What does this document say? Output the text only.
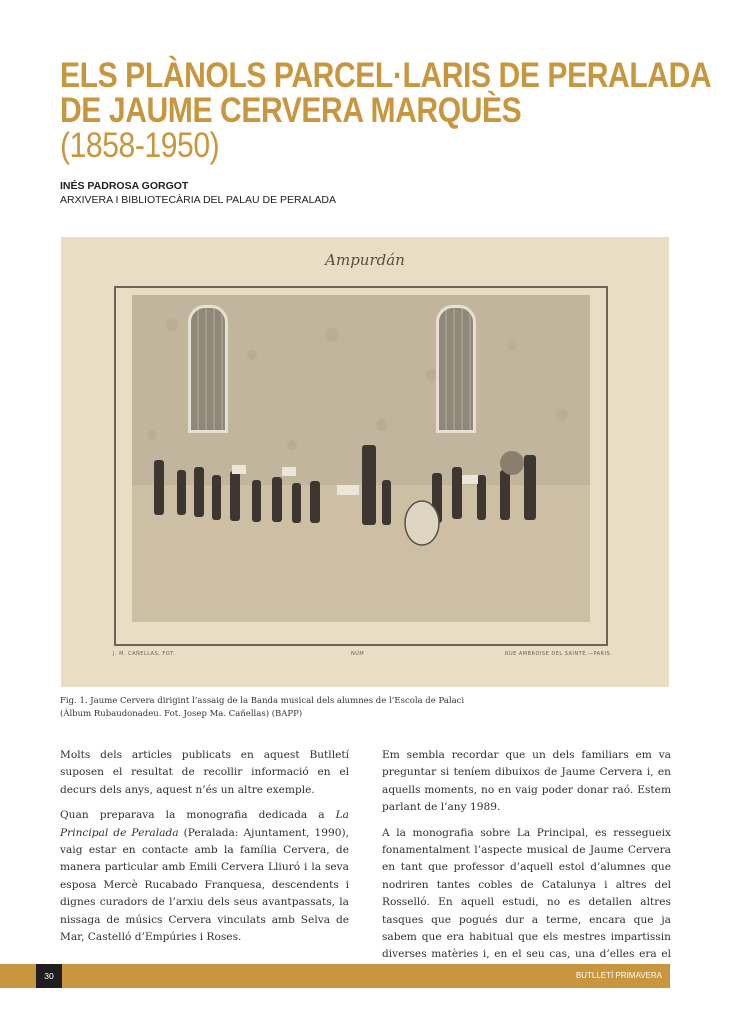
ELS PLÀNOLS PARCEL·LARIS DE PERALADA
DE JAUME CERVERA MARQUÈS
(1858-1950)
INÉS PADROSA GORGOT
ARXIVERA I BIBLIOTECÀRIA DEL PALAU DE PERALADA
Ampurdán
J. M. CAÑELLAS, FOT.	NÚM	RUE AMBROISE DEL SAINTE.—PARIS.

Fig. 1. Jaume Cervera dirigint l’assaig de la Banda musical dels alumnes de l’Escola de Palaci
(Àlbum Rubaudonadeu. Fot. Josep Ma. Cañellas) (BAPP)

Molts dels articles publicats en aquest Butlletí suposen el resultat de recollir informació en el decurs dels anys, aquest n’és un altre exemple.

Quan preparava la monografia dedicada a La Principal de Peralada (Peralada: Ajuntament, 1990), vaig estar en contacte amb la família Cervera, de manera particular amb Emili Cervera Lliuró i la seva esposa Mercè Rucabado Franquesa, descendents i dignes curadors de l’arxiu dels seus avantpassats, la nissaga de músics Cervera vinculats amb Selva de Mar, Castelló d’Empúries i Roses.

Em sembla recordar que un dels familiars em va preguntar si teníem dibuixos de Jaume Cervera i, en aquells moments, no en vaig poder donar raó. Estem parlant de l’any 1989.

A la monografia sobre La Principal, es ressegueix fonamentalment l’aspecte musical de Jaume Cervera en tant que professor d’aquell estol d’alumnes que nodriren tantes cobles de Catalunya i altres del Rosselló. En aquell estudi, no es detallen altres tasques que pogués dur a terme, encara que ja sabem que era habitual que els mestres impartissin diverses matèries i, en el seu cas, una d’elles era el

30	BUTLLETÍ PRIMAVERA
